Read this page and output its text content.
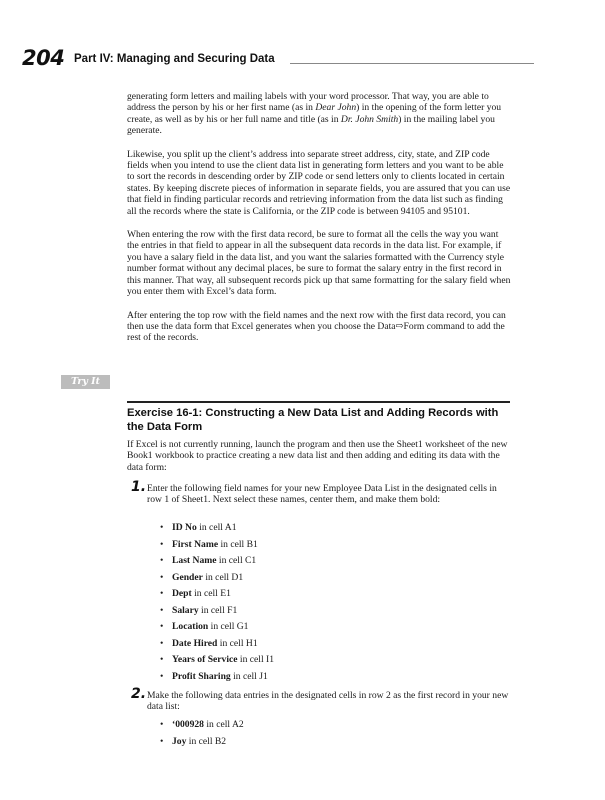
204 Part IV: Managing and Securing Data

generating form letters and mailing labels with your word processor. That way, you are able to address the person by his or her first name (as in Dear John) in the opening of the form letter you create, as well as by his or her full name and title (as in Dr. John Smith) in the mailing label you generate.

Likewise, you split up the client’s address into separate street address, city, state, and ZIP code fields when you intend to use the client data list in generating form letters and you want to be able to sort the records in descending order by ZIP code or send letters only to clients located in certain states. By keeping discrete pieces of information in separate fields, you are assured that you can use that field in finding particular records and retrieving information from the data list such as finding all the records where the state is California, or the ZIP code is between 94105 and 95101.

When entering the row with the first data record, be sure to format all the cells the way you want the entries in that field to appear in all the subsequent data records in the data list. For example, if you have a salary field in the data list, and you want the salaries formatted with the Currency style number format without any decimal places, be sure to format the salary entry in the first record in this manner. That way, all subsequent records pick up that same formatting for the salary field when you enter them with Excel’s data form.

After entering the top row with the field names and the next row with the first data record, you can then use the data form that Excel generates when you choose the Data⇨Form command to add the rest of the records.

Try It
Exercise 16-1: Constructing a New Data List and Adding Records with the Data Form

If Excel is not currently running, launch the program and then use the Sheet1 worksheet of the new Book1 workbook to practice creating a new data list and then adding and editing its data with the data form:

1. Enter the following field names for your new Employee Data List in the designated cells in row 1 of Sheet1. Next select these names, center them, and make them bold:

• ID No in cell A1
• First Name in cell B1
• Last Name in cell C1
• Gender in cell D1
• Dept in cell E1
• Salary in cell F1
• Location in cell G1
• Date Hired in cell H1
• Years of Service in cell I1
• Profit Sharing in cell J1
2. Make the following data entries in the designated cells in row 2 as the first record in your new data list:

• ‘000928 in cell A2
• Joy in cell B2
